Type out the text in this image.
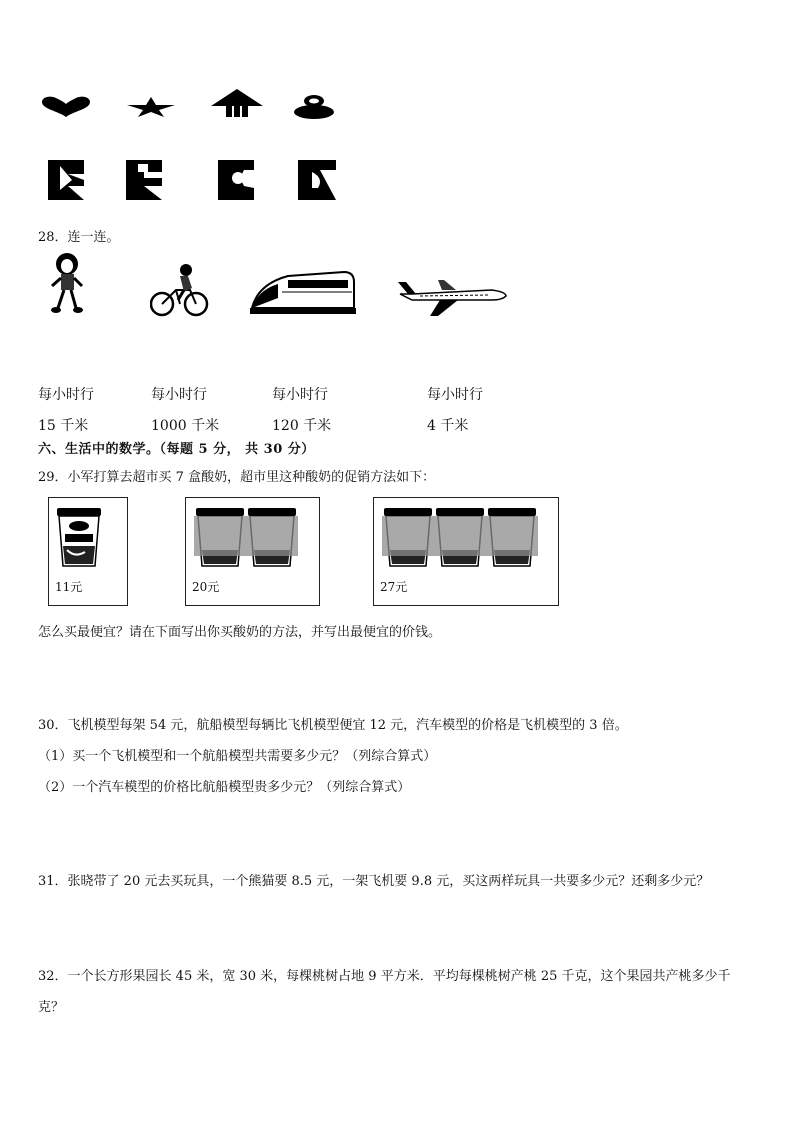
28．连一连。
每小时行	每小时行	每小时行	每小时行
15 千米	1000 千米	120 千米	4 千米
六、生活中的数学。（每题 5 分， 共 30 分）
29．小军打算去超市买 7 盒酸奶，超市里这种酸奶的促销方法如下：
11元	20元	27元
怎么买最便宜？请在下面写出你买酸奶的方法，并写出最便宜的价钱。
30．飞机模型每架 54 元，航船模型每辆比飞机模型便宜 12 元，汽车模型的价格是飞机模型的 3 倍。
（1）买一个飞机模型和一个航船模型共需要多少元？（列综合算式）
（2）一个汽车模型的价格比航船模型贵多少元？（列综合算式）
31．张晓带了 20 元去买玩具，一个熊猫要 8.5 元，一架飞机要 9.8 元，买这两样玩具一共要多少元？还剩多少元？
32．一个长方形果园长 45 米，宽 30 米，每棵桃树占地 9 平方米．平均每棵桃树产桃 25 千克，这个果园共产桃多少千
克？
